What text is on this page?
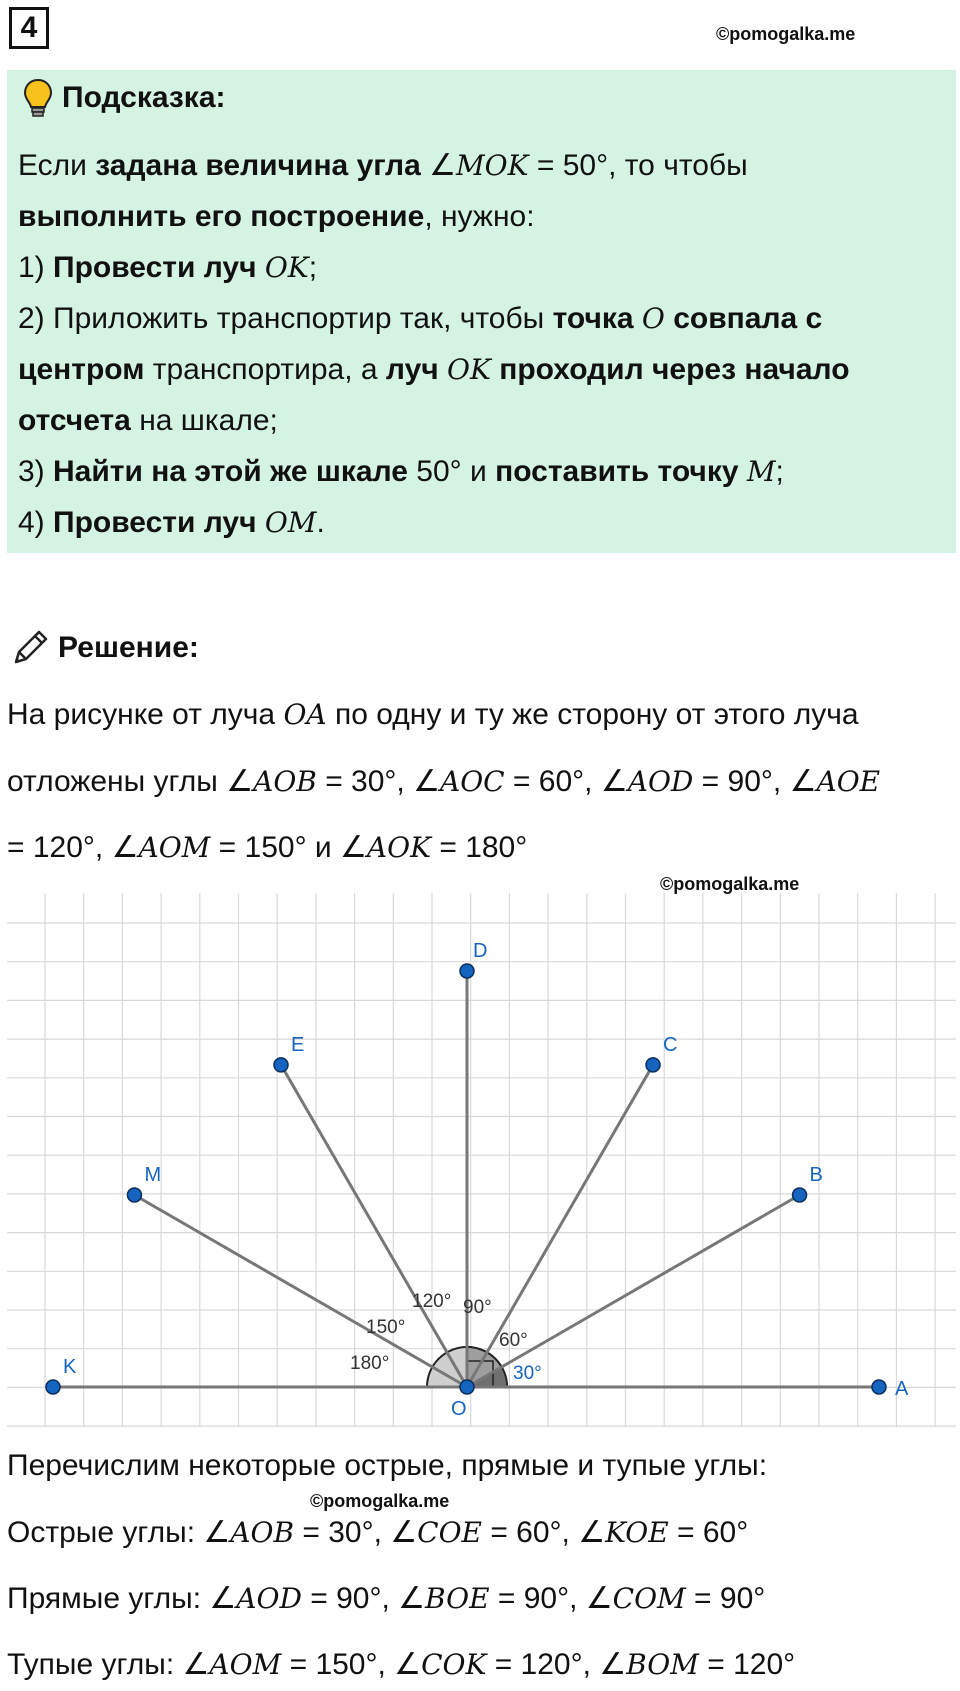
4	©pomogalka.me
Подсказка:
Если задана величина угла ∠MOK = 50°, то чтобы
выполнить его построение, нужно:
1) Провести луч OK;
2) Приложить транспортир так, чтобы точка O совпала с
центром транспортира, а луч OK проходил через начало
отсчета на шкале;
3) Найти на этой же шкале 50° и поставить точку M;
4) Провести луч OM.
Решение:
На рисунке от луча OA по одну и ту же сторону от этого луча
отложены углы ∠AOB = 30°, ∠AOC = 60°, ∠AOD = 90°, ∠AOE
= 120°, ∠AOM = 150° и ∠AOK = 180°
©pomogalka.me
A
B
C
D
E
M
K
O
30°
60°
90°
120°
150°
180°
Перечислим некоторые острые, прямые и тупые углы:
©pomogalka.me
Острые углы: ∠AOB = 30°, ∠COE = 60°, ∠KOE = 60°
Прямые углы: ∠AOD = 90°, ∠BOE = 90°, ∠COM = 90°
Тупые углы: ∠AOM = 150°, ∠COK = 120°, ∠BOM = 120°
